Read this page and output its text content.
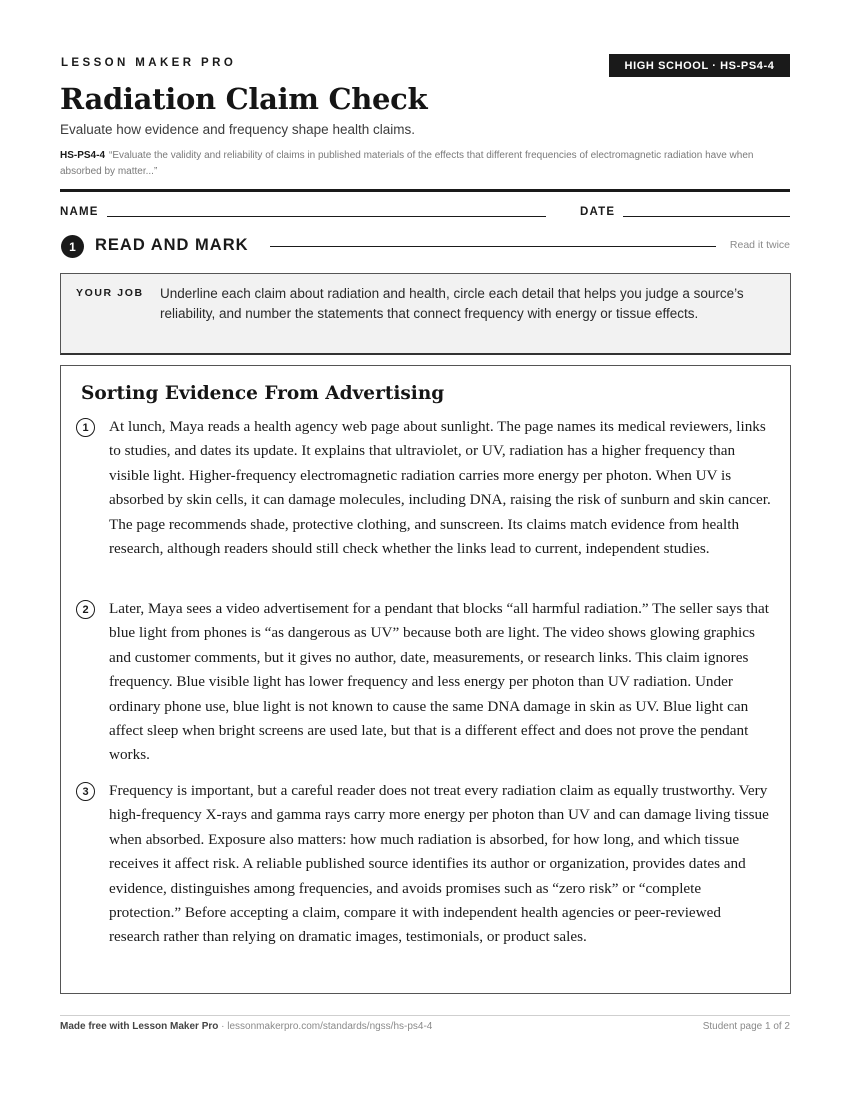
LESSON MAKER PRO	HIGH SCHOOL · HS-PS4-4
Radiation Claim Check
Evaluate how evidence and frequency shape health claims.
HS-PS4-4 “Evaluate the validity and reliability of claims in published materials of the effects that different frequencies of electromagnetic radiation have when absorbed by matter...”
NAME	DATE
1	READ AND MARK	Read it twice
YOUR JOB Underline each claim about radiation and health, circle each detail that helps you judge a source’s reliability, and number the statements that connect frequency with energy or tissue effects.
Sorting Evidence From Advertising
1	At lunch, Maya reads a health agency web page about sunlight. The page names its medical reviewers, links to studies, and dates its update. It explains that ultraviolet, or UV, radiation has a higher frequency than visible light. Higher-frequency electromagnetic radiation carries more energy per photon. When UV is absorbed by skin cells, it can damage molecules, including DNA, raising the risk of sunburn and skin cancer. The page recommends shade, protective clothing, and sunscreen. Its claims match evidence from health research, although readers should still check whether the links lead to current, independent studies.
2	Later, Maya sees a video advertisement for a pendant that blocks “all harmful radiation.” The seller says that blue light from phones is “as dangerous as UV” because both are light. The video shows glowing graphics and customer comments, but it gives no author, date, measurements, or research links. This claim ignores frequency. Blue visible light has lower frequency and less energy per photon than UV radiation. Under ordinary phone use, blue light is not known to cause the same DNA damage in skin as UV. Blue light can affect sleep when bright screens are used late, but that is a different effect and does not prove the pendant works.
3	Frequency is important, but a careful reader does not treat every radiation claim as equally trustworthy. Very high-frequency X-rays and gamma rays carry more energy per photon than UV and can damage living tissue when absorbed. Exposure also matters: how much radiation is absorbed, for how long, and which tissue receives it affect risk. A reliable published source identifies its author or organization, provides dates and evidence, distinguishes among frequencies, and avoids promises such as “zero risk” or “complete protection.” Before accepting a claim, compare it with independent health agencies or peer-reviewed research rather than relying on dramatic images, testimonials, or product sales.
Made free with Lesson Maker Pro · lessonmakerpro.com/standards/ngss/hs-ps4-4	Student page 1 of 2
